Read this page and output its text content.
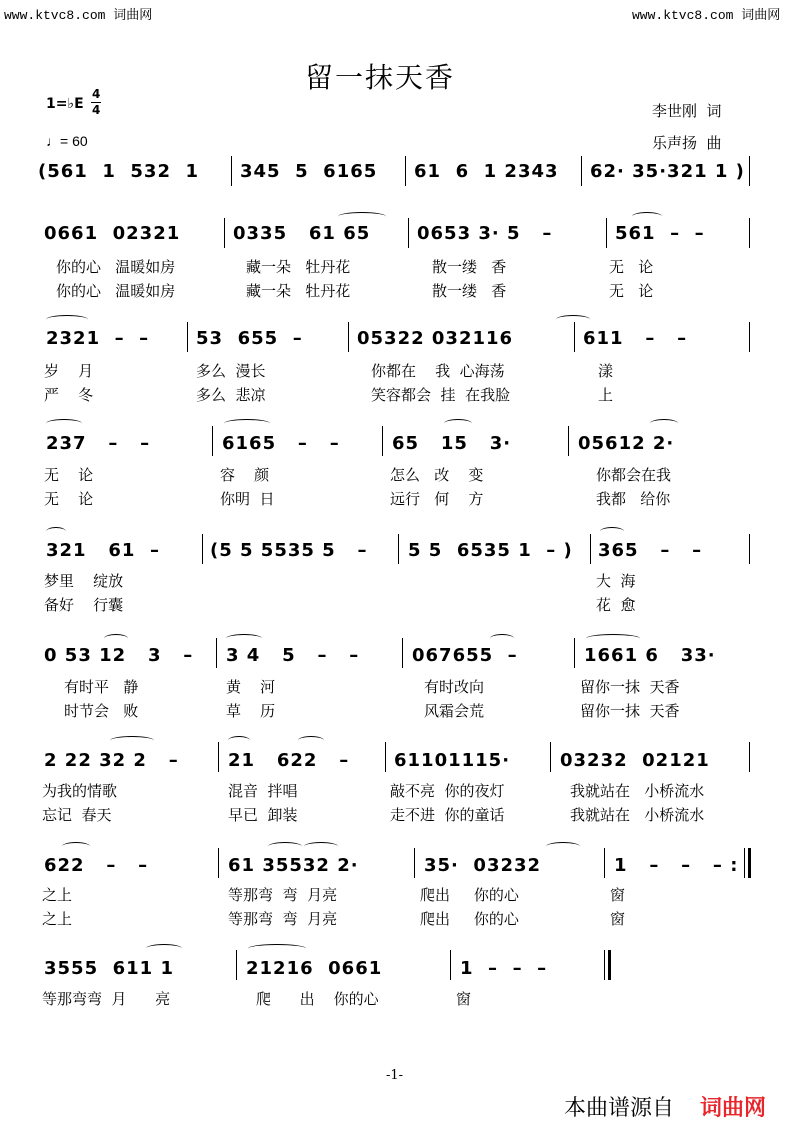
www.ktvc8.com 词曲网	www.ktvc8.com 词曲网
留一抹天香
1=♭E
4
4
♩= 60
李世刚  词
乐声扬  曲
(561  1  532  1 345  5  6165 61  6  1 2343 62· 35·321 1 )
0661  02321	0335   61 65	0653 3· 5   –	561  –  –
你的心   温暖如房	藏一朵   牡丹花	散一缕   香	无   论
你的心   温暖如房	藏一朵   牡丹花	散一缕   香	无   论
2321  –  –	53  655  –	05322 032116	611   –   –
岁    月	多么  漫长	你都在    我  心海荡	漾
严    冬	多么  悲凉	笑容都会  挂  在我脸	上
237   –   –	6165   –   –	65   15   3·	05612 2·
无    论	容    颜	怎么   改    变	你都会在我
无    论	你明  日	远行   何    方	我都   给你
321   61  –	(5 5 5535 5   – 5 5  6535 1  – ) 365   –   –
梦里    绽放	大  海
备好    行囊	花  愈
0 53 12   3   – 3 4   5   –   –	067655  –	1661 6   33·
有时平   静	黄    河	有时改向	留你一抹  天香
时节会   败	草    历	风霜会荒	留你一抹  天香
2 22 32 2   –	21   622   – 61101115·	03232  02121
为我的情歌	混音  拌唱	敲不亮  你的夜灯	我就站在   小桥流水
忘记  春天	早已  卸装	走不进  你的童话	我就站在   小桥流水
622   –   –	61 35532 2·	35·  03232	1   –   –   – :
之上	等那弯  弯  月亮	爬出     你的心	窗
之上	等那弯  弯  月亮	爬出     你的心	窗
3555  611 1	21216  0661	1  –  –  –
等那弯弯  月      亮	爬      出    你的心	窗
-1-
本曲谱源自 词曲网
